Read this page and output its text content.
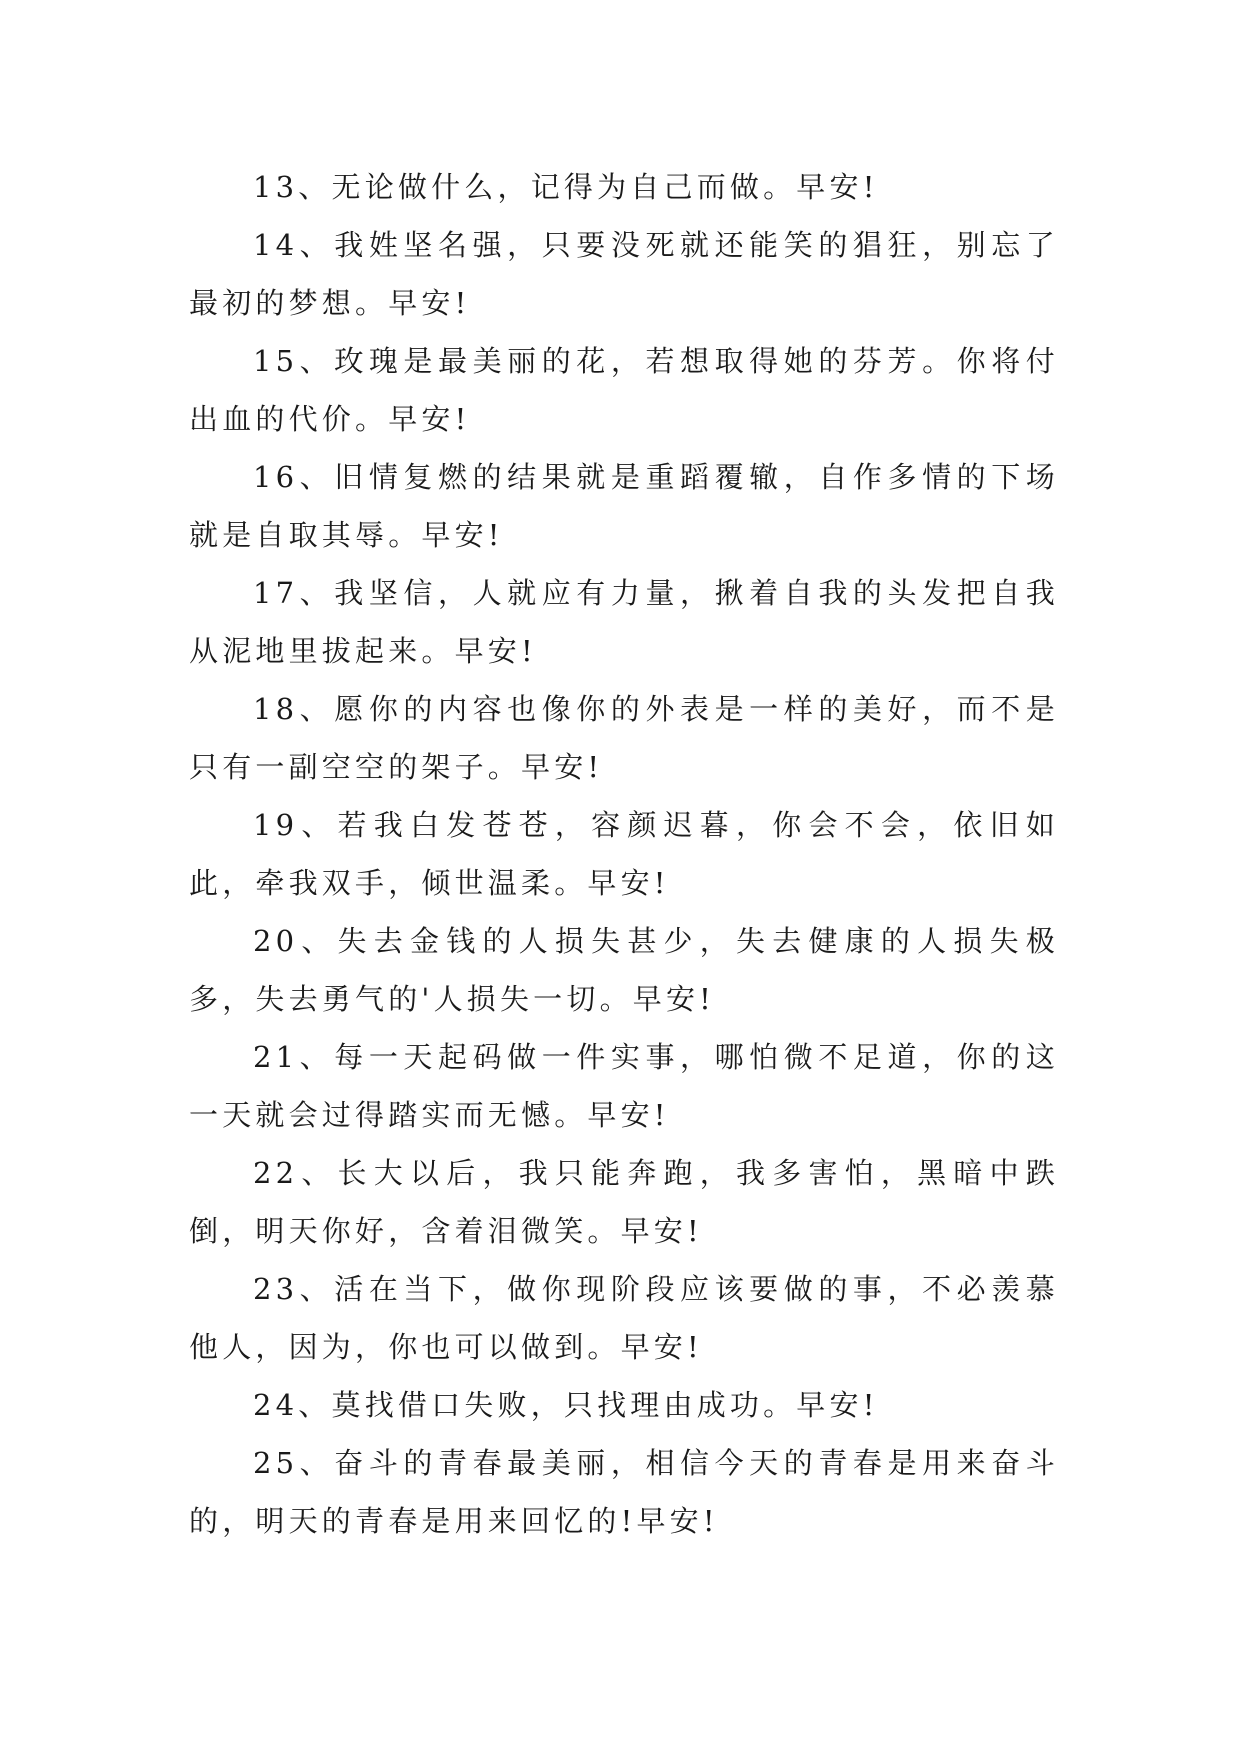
13、无论做什么，记得为自己而做。早安!

14、我姓坚名强，只要没死就还能笑的猖狂，别忘了最初的梦想。早安!

15、玫瑰是最美丽的花，若想取得她的芬芳。你将付出血的代价。早安!

16、旧情复燃的结果就是重蹈覆辙，自作多情的下场就是自取其辱。早安!

17、我坚信，人就应有力量，揪着自我的头发把自我从泥地里拔起来。早安!

18、愿你的内容也像你的外表是一样的美好，而不是只有一副空空的架子。早安!

19、若我白发苍苍，容颜迟暮，你会不会，依旧如此，牵我双手，倾世温柔。早安!

20、失去金钱的人损失甚少，失去健康的人损失极多，失去勇气的'人损失一切。早安!

21、每一天起码做一件实事，哪怕微不足道，你的这一天就会过得踏实而无憾。早安!

22、长大以后，我只能奔跑，我多害怕，黑暗中跌倒，明天你好，含着泪微笑。早安!

23、活在当下，做你现阶段应该要做的事，不必羡慕他人，因为，你也可以做到。早安!

24、莫找借口失败，只找理由成功。早安!

25、奋斗的青春最美丽，相信今天的青春是用来奋斗的，明天的青春是用来回忆的!早安!
